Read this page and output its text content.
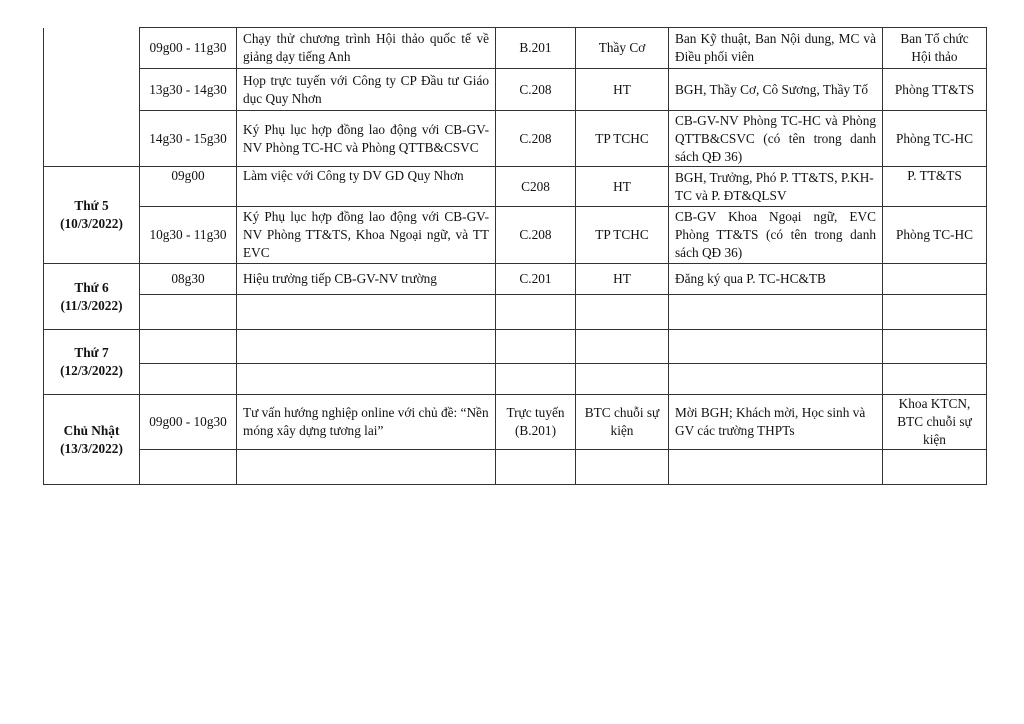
	09g00 - 11g30	Chạy thử chương trình Hội thảo quốc tế về giảng dạy tiếng Anh	B.201	Thầy Cơ	Ban Kỹ thuật, Ban Nội dung, MC và Điều phối viên	Ban Tổ chức Hội thảo
	13g30 - 14g30	Họp trực tuyến với Công ty CP Đầu tư Giáo dục Quy Nhơn	C.208	HT	BGH, Thầy Cơ, Cô Sương, Thầy Tố	Phòng TT&TS
	14g30 - 15g30	Ký Phụ lục hợp đồng lao động với CB-GV-NV Phòng TC-HC và Phòng QTTB&CSVC	C.208	TP TCHC	CB-GV-NV Phòng TC-HC và Phòng QTTB&CSVC (có tên trong danh sách QĐ 36)	Phòng TC-HC

Thứ 5
(10/3/2022)	09g00	Làm việc với Công ty DV GD Quy Nhơn	C208	HT	BGH, Trưởng, Phó P. TT&TS, P.KH-TC và P. ĐT&QLSV	P. TT&TS
	10g30 - 11g30	Ký Phụ lục hợp đồng lao động với CB-GV-NV Phòng TT&TS, Khoa Ngoại ngữ, và TT EVC	C.208	TP TCHC	CB-GV Khoa Ngoại ngữ, EVC Phòng TT&TS (có tên trong danh sách QĐ 36)	Phòng TC-HC

Thứ 6
(11/3/2022)	08g30	Hiệu trưởng tiếp CB-GV-NV trường	C.201	HT	Đăng ký qua P. TC-HC&TB	

Thứ 7
(12/3/2022)						

Chủ Nhật
(13/3/2022)	09g00 - 10g30	Tư vấn hướng nghiệp online với chủ đề: “Nền móng xây dựng tương lai”	Trực tuyến (B.201)	BTC chuỗi sự kiện	Mời BGH; Khách mời, Học sinh và GV các trường THPTs	Khoa KTCN, BTC chuỗi sự kiện
